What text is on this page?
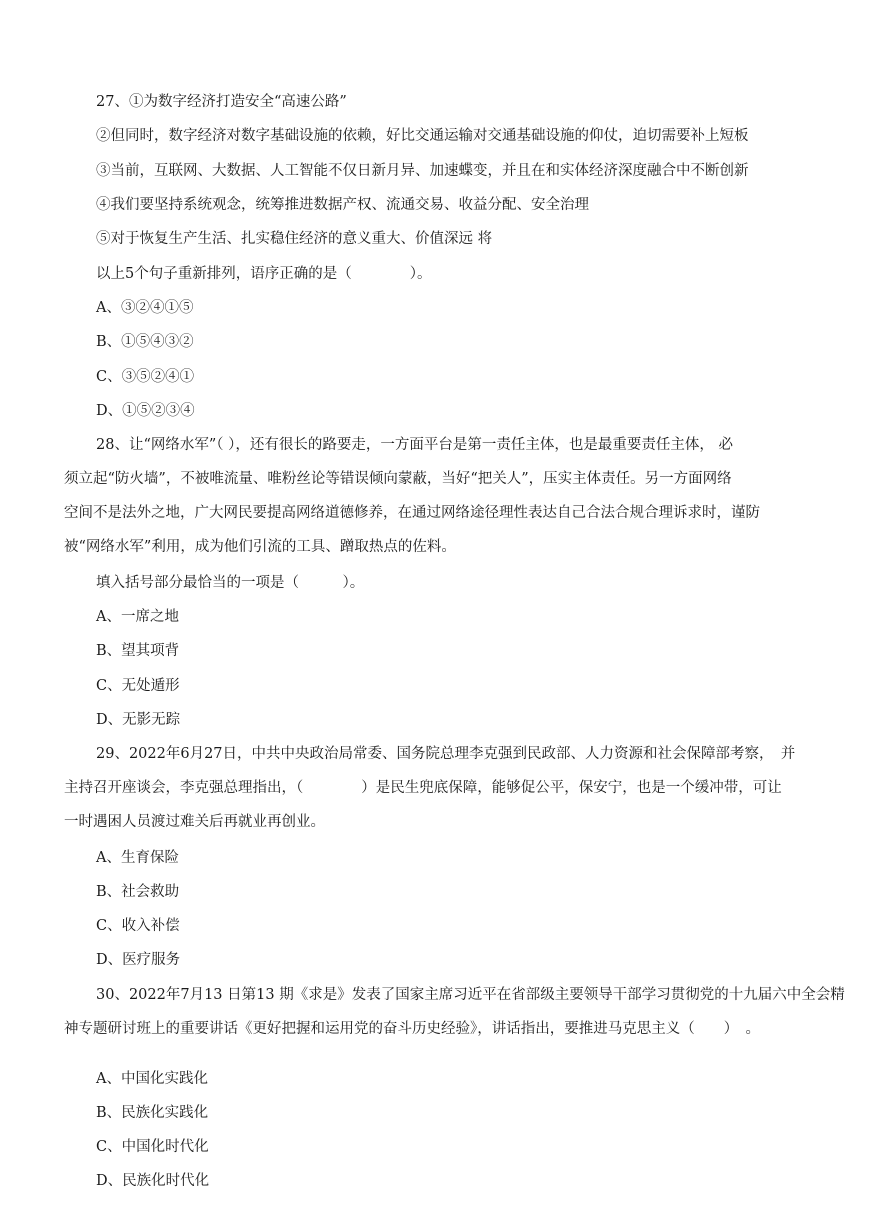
27、①为数字经济打造安全“高速公路”
②但同时，数字经济对数字基础设施的依赖，好比交通运输对交通基础设施的仰仗，迫切需要补上短板
③当前，互联网、大数据、人工智能不仅日新月异、加速蝶变，并且在和实体经济深度融合中不断创新
④我们要坚持系统观念，统筹推进数据产权、流通交易、收益分配、安全治理
⑤对于恢复生产生活、扎实稳住经济的意义重大、价值深远 将
以上5个句子重新排列，语序正确的是（　　　　）。
A、③②④①⑤
B、①⑤④③②
C、③⑤②④①
D、①⑤②③④
28、让“网络水军”（ ），还有很长的路要走，一方面平台是第一责任主体，也是最重要责任主体， 必
须立起“防火墙”，不被唯流量、唯粉丝论等错误倾向蒙蔽，当好“把关人”，压实主体责任。另一方面网络
空间不是法外之地，广大网民要提高网络道德修养，在通过网络途径理性表达自己合法合规合理诉求时，谨防
被“网络水军”利用，成为他们引流的工具、蹭取热点的佐料。
填入括号部分最恰当的一项是（　　　）。
A、一席之地
B、望其项背
C、无处遁形
D、无影无踪
29、2022年6月27日，中共中央政治局常委、国务院总理李克强到民政部、人力资源和社会保障部考察，　并
主持召开座谈会，李克强总理指出，（　　　　）是民生兜底保障，能够促公平，保安宁，也是一个缓冲带，可让
一时遇困人员渡过难关后再就业再创业。
A、生育保险
B、社会救助
C、收入补偿
D、医疗服务
30、2022年7月13 日第13 期《求是》发表了国家主席习近平在省部级主要领导干部学习贯彻党的十九届六中全会精
神专题研讨班上的重要讲话《更好把握和运用党的奋斗历史经验》，讲话指出，要推进马克思主义（　　）　。
A、中国化实践化
B、民族化实践化
C、中国化时代化
D、民族化时代化
